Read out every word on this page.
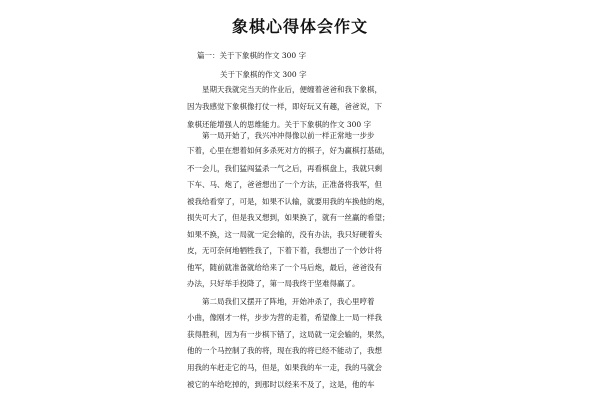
象棋心得体会作文
篇一：关于下象棋的作文 300 字
关于下象棋的作文 300 字
星期天我就完当天的作业后，便缠着爸爸和我下象棋，
因为我感觉下象棋像打仗一样，即好玩又有趣，爸爸说，下
象棋还能增强人的思维能力。关于下象棋的作文 300 字
第一局开始了，我兴冲冲得像以前一样正常地一步步
下着，心里在想着如何多杀死对方的棋子，好为赢棋打基础，
不一会儿，我们猛闯猛杀一气之后，再看棋盘上，我就只剩
下车、马、炮了，爸爸想出了一个方法，正准备将我军，但
被我给看穿了，可是，如果不认输，就要用我的车换他的炮，
损失可大了，但是我又想到，如果换了，就有一丝赢的希望；
如果不换，这一局就一定会输的，没有办法，我只好硬着头
皮，无可奈何地牺牲我了，下着下着，我想出了一个妙计将
他军，随前就准备就给给来了一个马后炮，最后，爸爸没有
办法，只好举手投降了，第一局我终于坚难得赢了。
第二局我们又摆开了阵地，开始冲杀了，我心里哼着
小曲，像刚才一样，步步为营的走着，希望像上一局一样我
获得胜利，因为有一步棋下错了，这局就一定会输的，果然，
他的一个马控制了我的将，现在我的将已经不能动了，我想
用我的车赶走它的马，但是，如果我的车一走，我的马就会
被它的车给吃掉的，到那时以经来不及了，这是，他的车
